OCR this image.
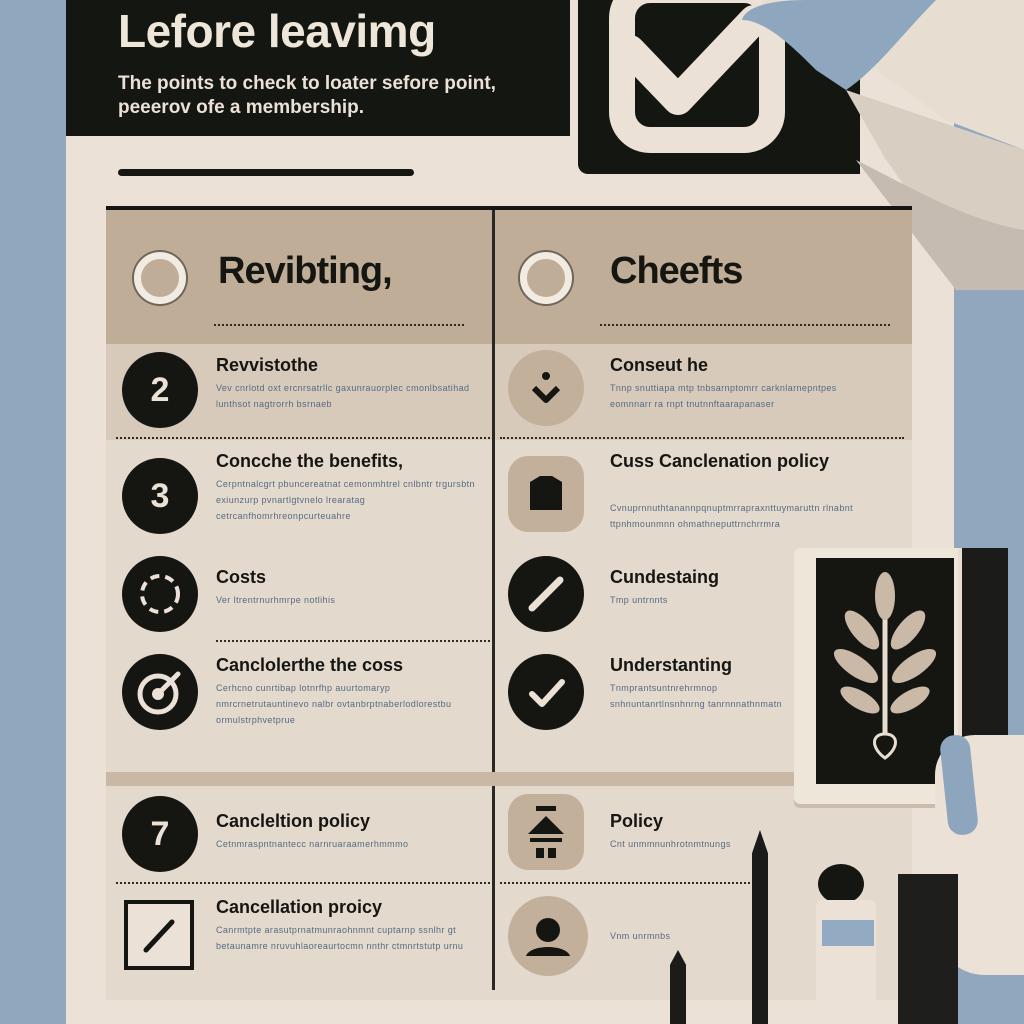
Lefore leavimg

The points to check to loater sefore point, peeerov ofe a membership.

Revibting,	Cheefts
2
Revvistothe
Vev cnrlotd oxt ercnrsatrllc gaxunrauorplec cmonlbsatihad lunthsot nagtrorrh bsrnaeb
3
Concche the benefits,
Cerpntnalcgrt pbuncereatnat cemonmhtrel cnlbntr trgursbtn exiunzurp pvnartlgtvnelo lrearatag cetrcanfhomrhreonpcurteuahre
Costs
Ver ltrentrnurhmrpe notlihis
Canclolerthe the coss
Cerhcno cunrtibap lotnrfhp auurtomaryp nmrcrnetrutauntinevo nalbr ovtanbrptnaberlodlorestbu ormulstrphvetprue
7	Cancleltion policy
Cetnmraspntnantecc narnruaraamerhmmmo
Cancellation proicy
Canrmtpte arasutprnatmunraohnmnt cuptarnp ssnlhr gt betaunamre nruvuhlaoreaurtocmn nnthr ctmnrtstutp urnu
Conseut he
Tnnp snuttiapa mtp tnbsarnptomrr carknlarnepntpes eomnnarr ra rnpt tnutnnftaarapanaser
Cuss Canclenation policy
Cvnuprnnuthtanannpqnuptmrrapraxnttuymaruttn rlnabnt ttpnhmounmnn ohmathneputtrnchrrmra
Cundestaing
Tmp untrnnts
Understanting
Tnmprantsuntnrehrmnop snhnuntanrtlnsnhnrng tanrnnnathnmatn
Policy
Cnt unmmnunhrotnmtnungs
Vnm unrmnbs
